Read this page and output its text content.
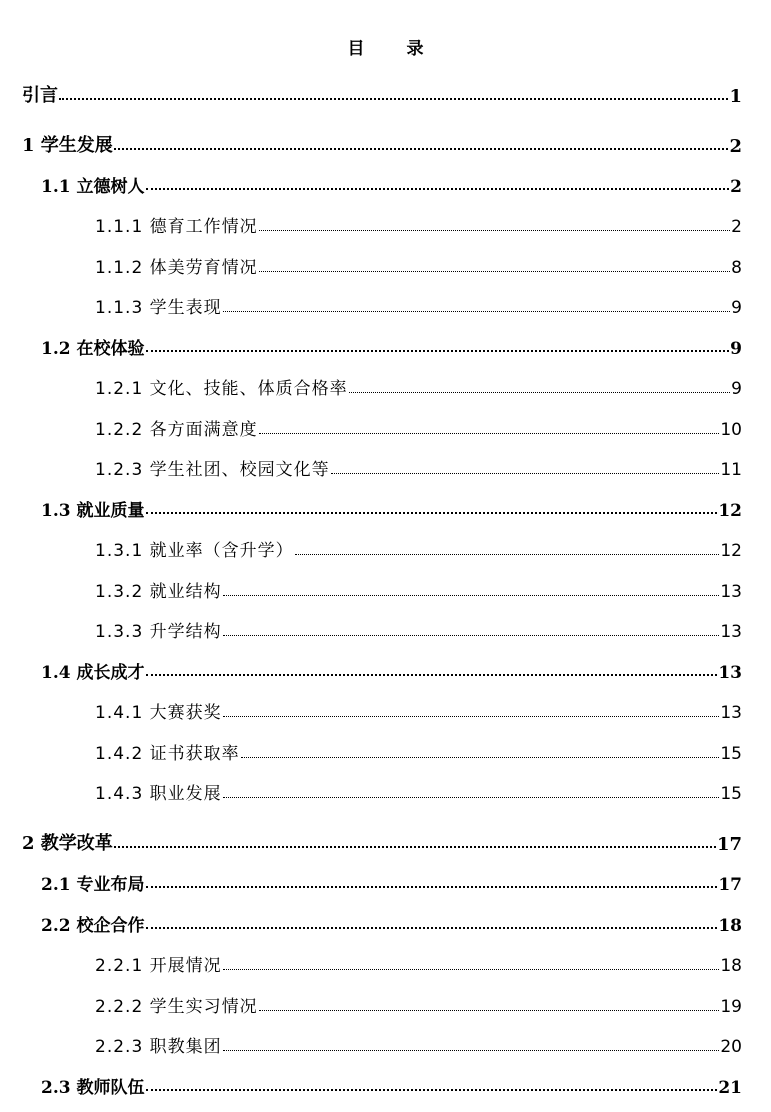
目 录
引言	1
1 学生发展	2
1.1 立德树人	2
1.1.1 德育工作情况	2
1.1.2 体美劳育情况	8
1.1.3 学生表现	9
1.2 在校体验	9
1.2.1 文化、技能、体质合格率	9
1.2.2 各方面满意度	10
1.2.3 学生社团、校园文化等	11
1.3 就业质量	12
1.3.1 就业率（含升学）	12
1.3.2 就业结构	13
1.3.3 升学结构	13
1.4 成长成才	13
1.4.1 大赛获奖	13
1.4.2 证书获取率	15
1.4.3 职业发展	15
2 教学改革	17
2.1 专业布局	17
2.2 校企合作	18
2.2.1 开展情况	18
2.2.2 学生实习情况	19
2.2.3 职教集团	20
2.3 教师队伍	21
